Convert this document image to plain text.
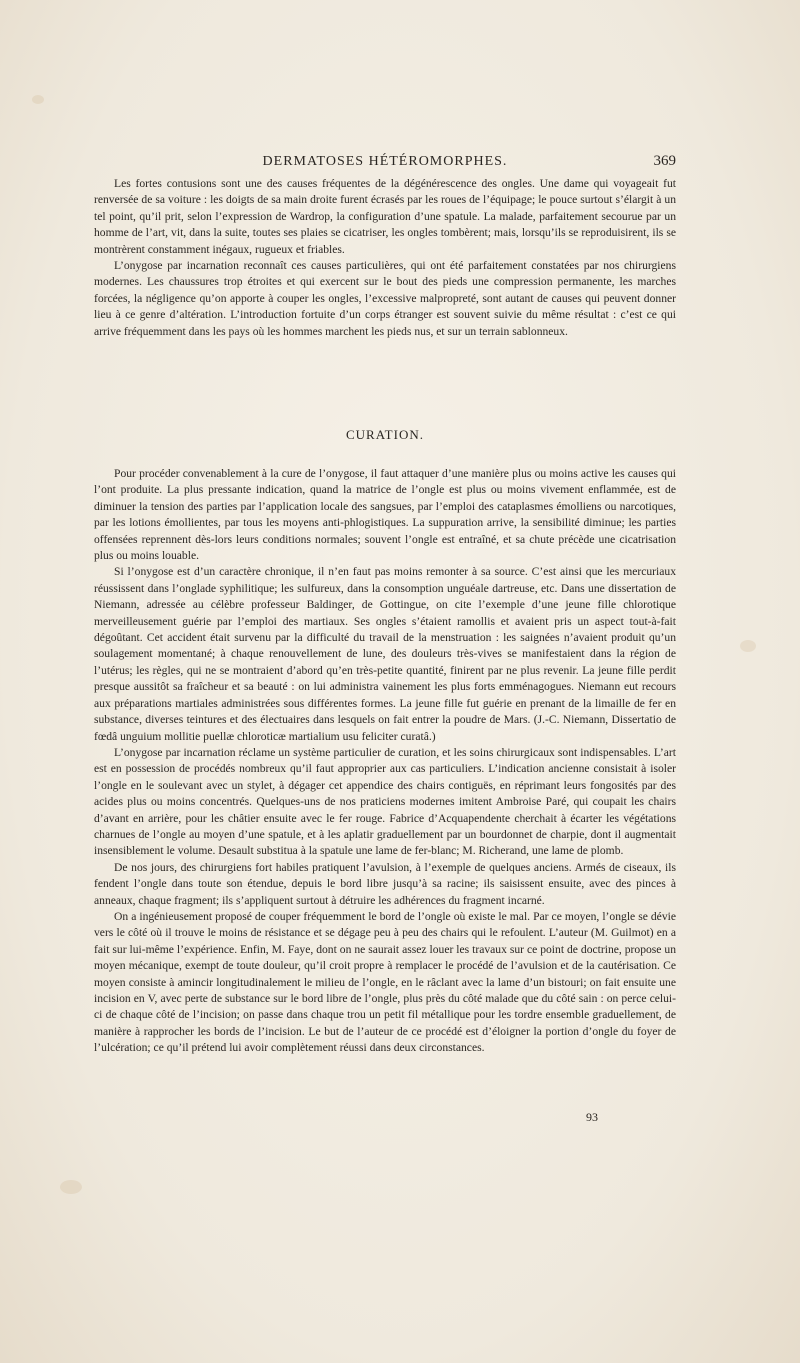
DERMATOSES HÉTÉROMORPHES.	369

Les fortes contusions sont une des causes fréquentes de la dégénérescence des ongles. Une dame qui voyageait fut renversée de sa voiture : les doigts de sa main droite furent écrasés par les roues de l’équipage; le pouce surtout s’élargit à un tel point, qu’il prit, selon l’expression de Wardrop, la configuration d’une spatule. La malade, parfaitement secourue par un homme de l’art, vit, dans la suite, toutes ses plaies se cicatriser, les ongles tombèrent; mais, lorsqu’ils se reproduisirent, ils se montrèrent constamment inégaux, rugueux et friables.

L’onygose par incarnation reconnaît ces causes particulières, qui ont été parfaitement constatées par nos chirurgiens modernes. Les chaussures trop étroites et qui exercent sur le bout des pieds une compression permanente, les marches forcées, la négligence qu’on apporte à couper les ongles, l’excessive malpropreté, sont autant de causes qui peuvent donner lieu à ce genre d’altération. L’introduction fortuite d’un corps étranger est souvent suivie du même résultat : c’est ce qui arrive fréquemment dans les pays où les hommes marchent les pieds nus, et sur un terrain sablonneux.

CURATION.

Pour procéder convenablement à la cure de l’onygose, il faut attaquer d’une manière plus ou moins active les causes qui l’ont produite. La plus pressante indication, quand la matrice de l’ongle est plus ou moins vivement enflammée, est de diminuer la tension des parties par l’application locale des sangsues, par l’emploi des cataplasmes émolliens ou narcotiques, par les lotions émollientes, par tous les moyens anti-phlogistiques. La suppuration arrive, la sensibilité diminue; les parties offensées reprennent dès-lors leurs conditions normales; souvent l’ongle est entraîné, et sa chute précède une cicatrisation plus ou moins louable.

Si l’onygose est d’un caractère chronique, il n’en faut pas moins remonter à sa source. C’est ainsi que les mercuriaux réussissent dans l’onglade syphilitique; les sulfureux, dans la consomption unguéale dartreuse, etc. Dans une dissertation de Niemann, adressée au célèbre professeur Baldinger, de Gottingue, on cite l’exemple d’une jeune fille chlorotique merveilleusement guérie par l’emploi des martiaux. Ses ongles s’étaient ramollis et avaient pris un aspect tout-à-fait dégoûtant. Cet accident était survenu par la difficulté du travail de la menstruation : les saignées n’avaient produit qu’un soulagement momentané; à chaque renouvellement de lune, des douleurs très-vives se manifestaient dans la région de l’utérus; les règles, qui ne se montraient d’abord qu’en très-petite quantité, finirent par ne plus revenir. La jeune fille perdit presque aussitôt sa fraîcheur et sa beauté : on lui administra vainement les plus forts emménagogues. Niemann eut recours aux préparations martiales administrées sous différentes formes. La jeune fille fut guérie en prenant de la limaille de fer en substance, diverses teintures et des électuaires dans lesquels on fait entrer la poudre de Mars. (J.-C. Niemann, Dissertatio de fœdâ unguium mollitie puellæ chloroticæ martialium usu feliciter curatâ.)

L’onygose par incarnation réclame un système particulier de curation, et les soins chirurgicaux sont indispensables. L’art est en possession de procédés nombreux qu’il faut approprier aux cas particuliers. L’indication ancienne consistait à isoler l’ongle en le soulevant avec un stylet, à dégager cet appendice des chairs contiguës, en réprimant leurs fongosités par des acides plus ou moins concentrés. Quelques-uns de nos praticiens modernes imitent Ambroise Paré, qui coupait les chairs d’avant en arrière, pour les châtier ensuite avec le fer rouge. Fabrice d’Acquapendente cherchait à écarter les végétations charnues de l’ongle au moyen d’une spatule, et à les aplatir graduellement par un bourdonnet de charpie, dont il augmentait insensiblement le volume. Desault substitua à la spatule une lame de fer-blanc; M. Richerand, une lame de plomb.

De nos jours, des chirurgiens fort habiles pratiquent l’avulsion, à l’exemple de quelques anciens. Armés de ciseaux, ils fendent l’ongle dans toute son étendue, depuis le bord libre jusqu’à sa racine; ils saisissent ensuite, avec des pinces à anneaux, chaque fragment; ils s’appliquent surtout à détruire les adhérences du fragment incarné.

On a ingénieusement proposé de couper fréquemment le bord de l’ongle où existe le mal. Par ce moyen, l’ongle se dévie vers le côté où il trouve le moins de résistance et se dégage peu à peu des chairs qui le refoulent. L’auteur (M. Guilmot) en a fait sur lui-même l’expérience. Enfin, M. Faye, dont on ne saurait assez louer les travaux sur ce point de doctrine, propose un moyen mécanique, exempt de toute douleur, qu’il croit propre à remplacer le procédé de l’avulsion et de la cautérisation. Ce moyen consiste à amincir longitudinalement le milieu de l’ongle, en le râclant avec la lame d’un bistouri; on fait ensuite une incision en V, avec perte de substance sur le bord libre de l’ongle, plus près du côté malade que du côté sain : on perce celui-ci de chaque côté de l’incision; on passe dans chaque trou un petit fil métallique pour les tordre ensemble graduellement, de manière à rapprocher les bords de l’incision. Le but de l’auteur de ce procédé est d’éloigner la portion d’ongle du foyer de l’ulcération; ce qu’il prétend lui avoir complètement réussi dans deux circonstances.

93
